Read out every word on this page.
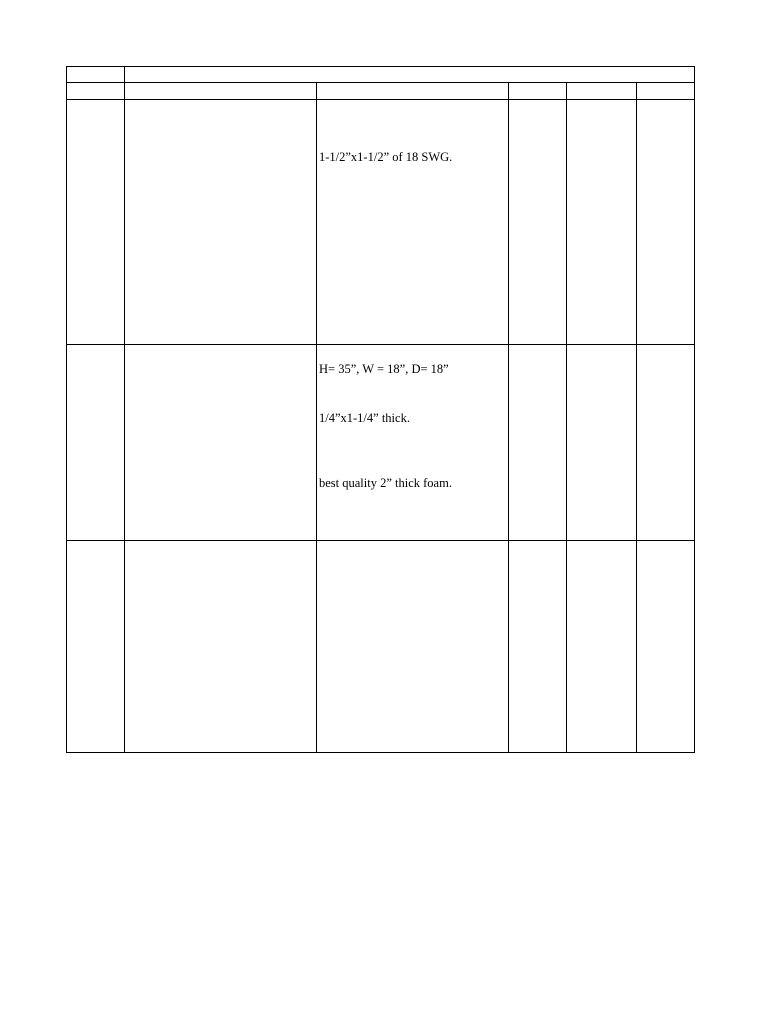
1-1/2”x1-1/2” of 18 SWG.
H= 35”, W = 18”, D= 18”
1/4”x1-1/4” thick.
best quality 2” thick foam.
